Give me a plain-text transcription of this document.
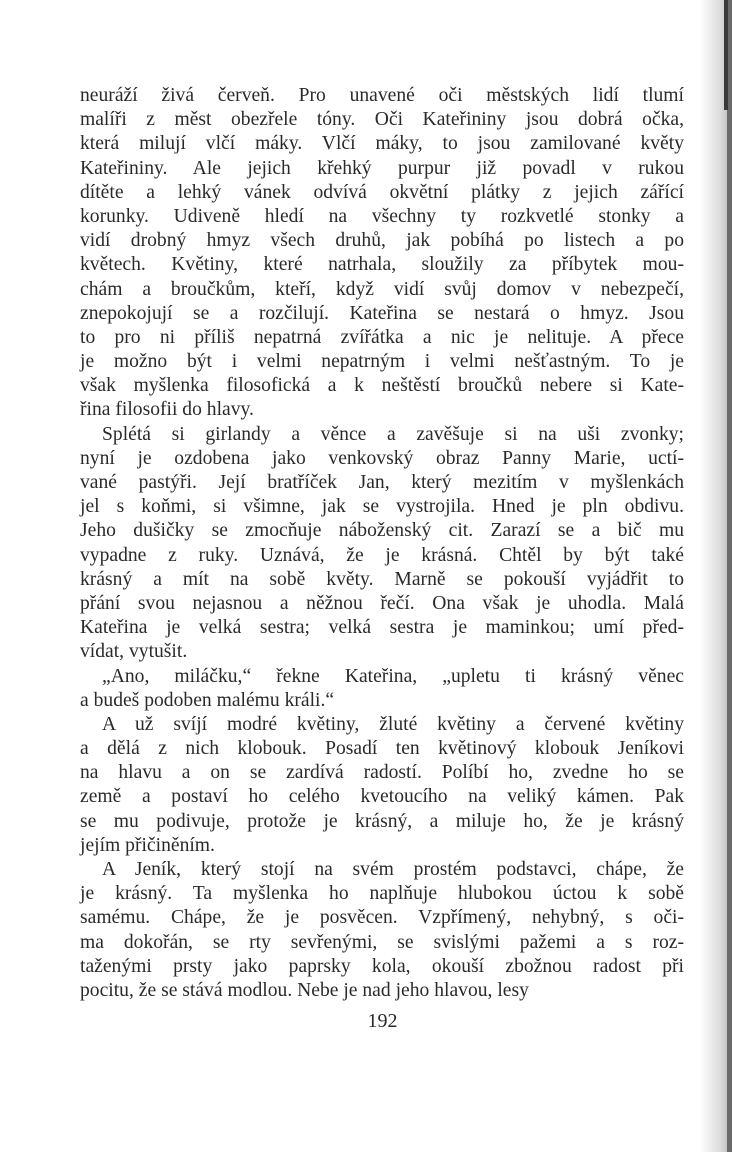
neuráží živá červeň. Pro unavené oči městských lidí tlumí
malíři z měst obezřele tóny. Oči Kateřininy jsou dobrá očka,
která milují vlčí máky. Vlčí máky, to jsou zamilované květy
Kateřininy. Ale jejich křehký purpur již povadl v rukou
dítěte a lehký vánek odvívá okvětní plátky z jejich zářící
korunky. Udiveně hledí na všechny ty rozkvetlé stonky a
vidí drobný hmyz všech druhů, jak pobíhá po listech a po
květech. Květiny, které natrhala, sloužily za příbytek mou-
chám a broučkům, kteří, když vidí svůj domov v nebezpečí,
znepokojují se a rozčilují. Kateřina se nestará o hmyz. Jsou
to pro ni příliš nepatrná zvířátka a nic je nelituje. A přece
je možno být i velmi nepatrným i velmi nešťastným. To je
však myšlenka filosofická a k neštěstí broučků nebere si Kate-
řina filosofii do hlavy.
Splétá si girlandy a věnce a zavěšuje si na uši zvonky;
nyní je ozdobena jako venkovský obraz Panny Marie, uctí-
vané pastýři. Její bratříček Jan, který mezitím v myšlenkách
jel s koňmi, si všimne, jak se vystrojila. Hned je pln obdivu.
Jeho dušičky se zmocňuje náboženský cit. Zarazí se a bič mu
vypadne z ruky. Uznává, že je krásná. Chtěl by být také
krásný a mít na sobě květy. Marně se pokouší vyjádřit to
přání svou nejasnou a něžnou řečí. Ona však je uhodla. Malá
Kateřina je velká sestra; velká sestra je maminkou; umí před-
vídat, vytušit.
„Ano, miláčku,“ řekne Kateřina, „upletu ti krásný věnec
a budeš podoben malému králi.“
A už svíjí modré květiny, žluté květiny a červené květiny
a dělá z nich klobouk. Posadí ten květinový klobouk Jeníkovi
na hlavu a on se zardívá radostí. Políbí ho, zvedne ho se
země a postaví ho celého kvetoucího na veliký kámen. Pak
se mu podivuje, protože je krásný, a miluje ho, že je krásný
jejím přičiněním.
A Jeník, který stojí na svém prostém podstavci, chápe, že
je krásný. Ta myšlenka ho naplňuje hlubokou úctou k sobě
samému. Chápe, že je posvěcen. Vzpřímený, nehybný, s oči-
ma dokořán, se rty sevřenými, se svislými pažemi a s roz-
taženými prsty jako paprsky kola, okouší zbožnou radost při
pocitu, že se stává modlou. Nebe je nad jeho hlavou, lesy
192
